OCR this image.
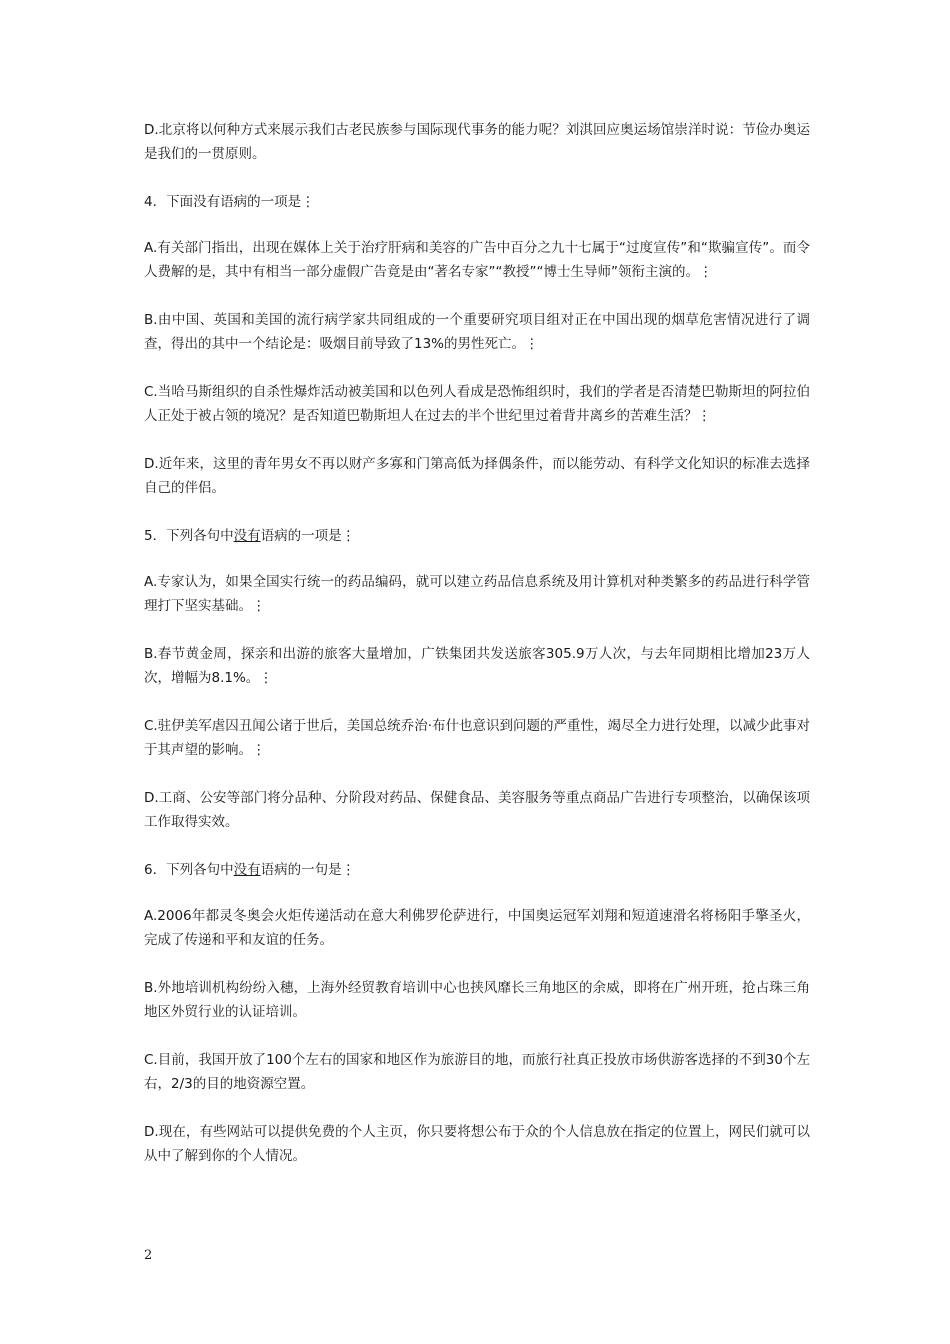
D.北京将以何种方式来展示我们古老民族参与国际现代事务的能力呢？刘淇回应奥运场馆崇洋时说：节俭办奥运是我们的一贯原则。

4．下面没有语病的一项是⋮

A.有关部门指出，出现在媒体上关于治疗肝病和美容的广告中百分之九十七属于“过度宣传”和“欺骗宣传”。而令人费解的是，其中有相当一部分虚假广告竟是由“著名专家”“教授”“博士生导师”领衔主演的。⋮

B.由中国、英国和美国的流行病学家共同组成的一个重要研究项目组对正在中国出现的烟草危害情况进行了调查，得出的其中一个结论是：吸烟目前导致了13%的男性死亡。⋮

C.当哈马斯组织的自杀性爆炸活动被美国和以色列人看成是恐怖组织时，我们的学者是否清楚巴勒斯坦的阿拉伯人正处于被占领的境况？是否知道巴勒斯坦人在过去的半个世纪里过着背井离乡的苦难生活？⋮

D.近年来，这里的青年男女不再以财产多寡和门第高低为择偶条件，而以能劳动、有科学文化知识的标准去选择自己的伴侣。

5．下列各句中没有语病的一项是⋮

A.专家认为，如果全国实行统一的药品编码，就可以建立药品信息系统及用计算机对种类繁多的药品进行科学管理打下坚实基础。⋮

B.春节黄金周，探亲和出游的旅客大量增加，广铁集团共发送旅客305.9万人次，与去年同期相比增加23万人次，增幅为8.1%。⋮

C.驻伊美军虐囚丑闻公诸于世后，美国总统乔治·布什也意识到问题的严重性，竭尽全力进行处理，以减少此事对于其声望的影响。⋮

D.工商、公安等部门将分品种、分阶段对药品、保健食品、美容服务等重点商品广告进行专项整治，以确保该项工作取得实效。

6．下列各句中没有语病的一句是⋮

A.2006年都灵冬奥会火炬传递活动在意大利佛罗伦萨进行，中国奥运冠军刘翔和短道速滑名将杨阳手擎圣火，完成了传递和平和友谊的任务。

B.外地培训机构纷纷入穗，上海外经贸教育培训中心也挟风靡长三角地区的余威，即将在广州开班，抢占珠三角地区外贸行业的认证培训。

C.目前，我国开放了100个左右的国家和地区作为旅游目的地，而旅行社真正投放市场供游客选择的不到30个左右，2/3的目的地资源空置。

D.现在，有些网站可以提供免费的个人主页，你只要将想公布于众的个人信息放在指定的位置上，网民们就可以从中了解到你的个人情况。

2
